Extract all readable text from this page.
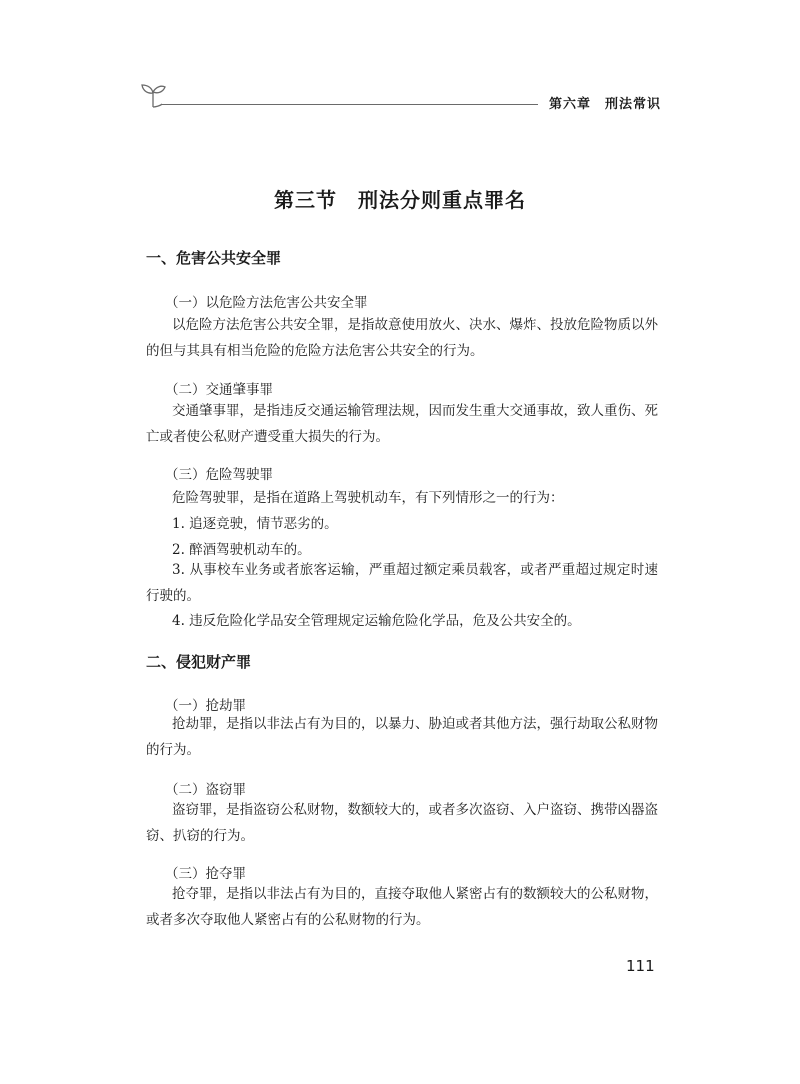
第六章　刑法常识
第三节　刑法分则重点罪名
一、危害公共安全罪
（一）以危险方法危害公共安全罪
以危险方法危害公共安全罪，是指故意使用放火、决水、爆炸、投放危险物质以外的但与其具有相当危险的危险方法危害公共安全的行为。
（二）交通肇事罪
交通肇事罪，是指违反交通运输管理法规，因而发生重大交通事故，致人重伤、死亡或者使公私财产遭受重大损失的行为。
（三）危险驾驶罪
危险驾驶罪，是指在道路上驾驶机动车，有下列情形之一的行为：
1. 追逐竞驶，情节恶劣的。
2. 醉酒驾驶机动车的。
3. 从事校车业务或者旅客运输，严重超过额定乘员载客，或者严重超过规定时速行驶的。
4. 违反危险化学品安全管理规定运输危险化学品，危及公共安全的。
二、侵犯财产罪
（一）抢劫罪
抢劫罪，是指以非法占有为目的，以暴力、胁迫或者其他方法，强行劫取公私财物的行为。
（二）盗窃罪
盗窃罪，是指盗窃公私财物，数额较大的，或者多次盗窃、入户盗窃、携带凶器盗窃、扒窃的行为。
（三）抢夺罪
抢夺罪，是指以非法占有为目的，直接夺取他人紧密占有的数额较大的公私财物，或者多次夺取他人紧密占有的公私财物的行为。
111
